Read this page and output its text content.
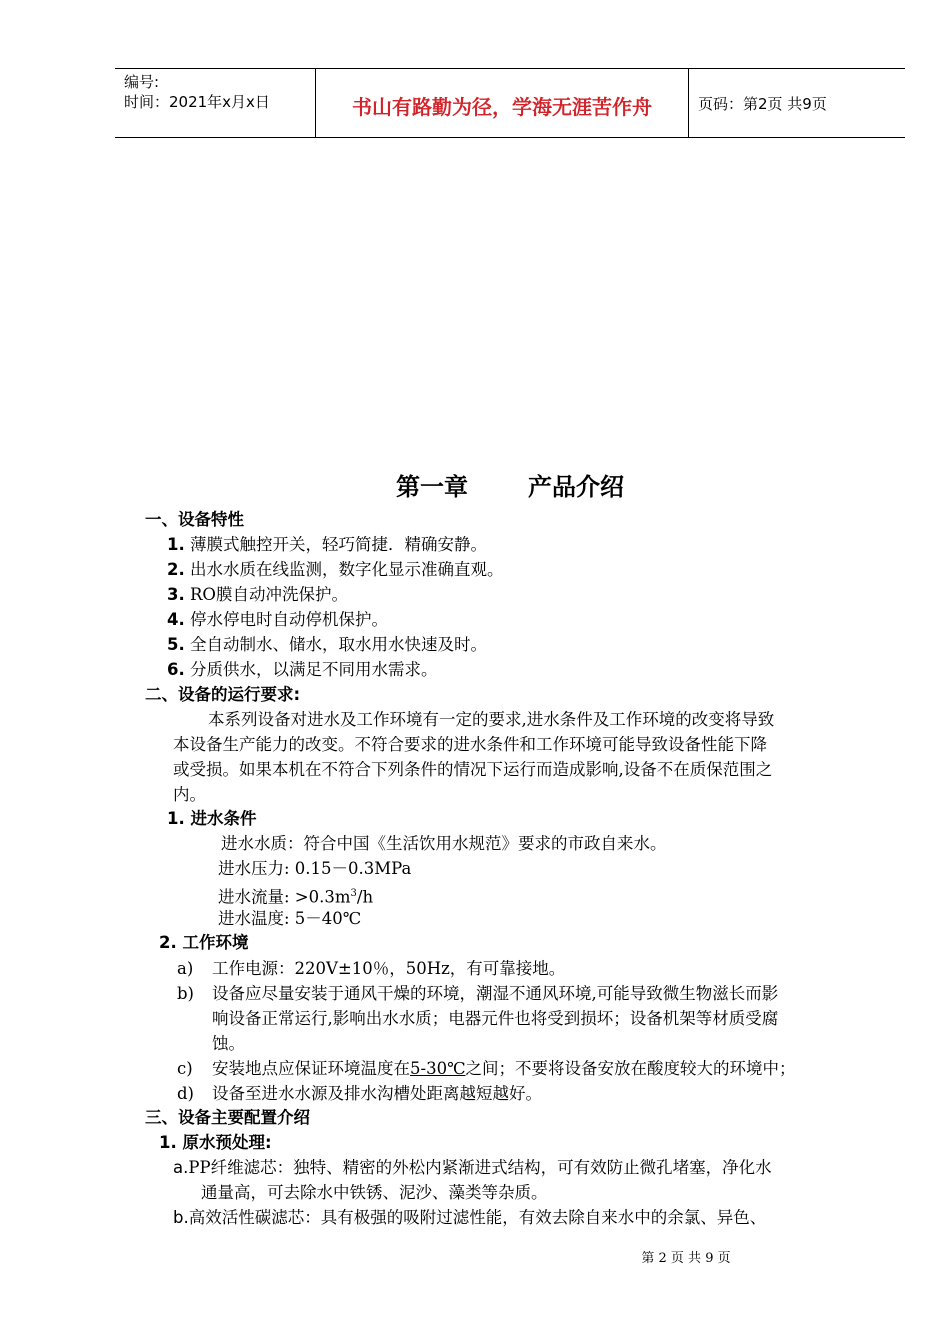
编号:
时间：2021年x月x日	书山有路勤为径，学海无涯苦作舟	页码：第2页 共9页
第一章	产品介绍
一、设备特性
1. 薄膜式触控开关，轻巧简捷．精确安静。
2. 出水水质在线监测，数字化显示准确直观。
3. RO膜自动冲洗保护。
4. 停水停电时自动停机保护。
5. 全自动制水、储水，取水用水快速及时。
6. 分质供水，以满足不同用水需求。
二、设备的运行要求:
本系列设备对进水及工作环境有一定的要求,进水条件及工作环境的改变将导致
本设备生产能力的改变。不符合要求的进水条件和工作环境可能导致设备性能下降
或受损。如果本机在不符合下列条件的情况下运行而造成影响,设备不在质保范围之
内。
1. 进水条件
进水水质：符合中国《生活饮用水规范》要求的市政自来水。
进水压力: 0.15－0.3MPa
进水流量: $>0.3m^3/h$
进水温度: 5－40℃
2. 工作环境
a) 工作电源：220V±10％，50Hz，有可靠接地。
b) 设备应尽量安装于通风干燥的环境，潮湿不通风环境,可能导致微生物滋长而影
响设备正常运行,影响出水水质；电器元件也将受到损坏；设备机架等材质受腐
蚀。
c) 安装地点应保证环境温度在5-30℃之间；不要将设备安放在酸度较大的环境中；
d) 设备至进水水源及排水沟槽处距离越短越好。
三、设备主要配置介绍
1. 原水预处理:
a.PP纤维滤芯：独特、精密的外松内紧渐进式结构，可有效防止微孔堵塞，净化水
通量高，可去除水中铁锈、泥沙、藻类等杂质。
b.高效活性碳滤芯：具有极强的吸附过滤性能，有效去除自来水中的余氯、异色、
第 2 页 共 9 页
